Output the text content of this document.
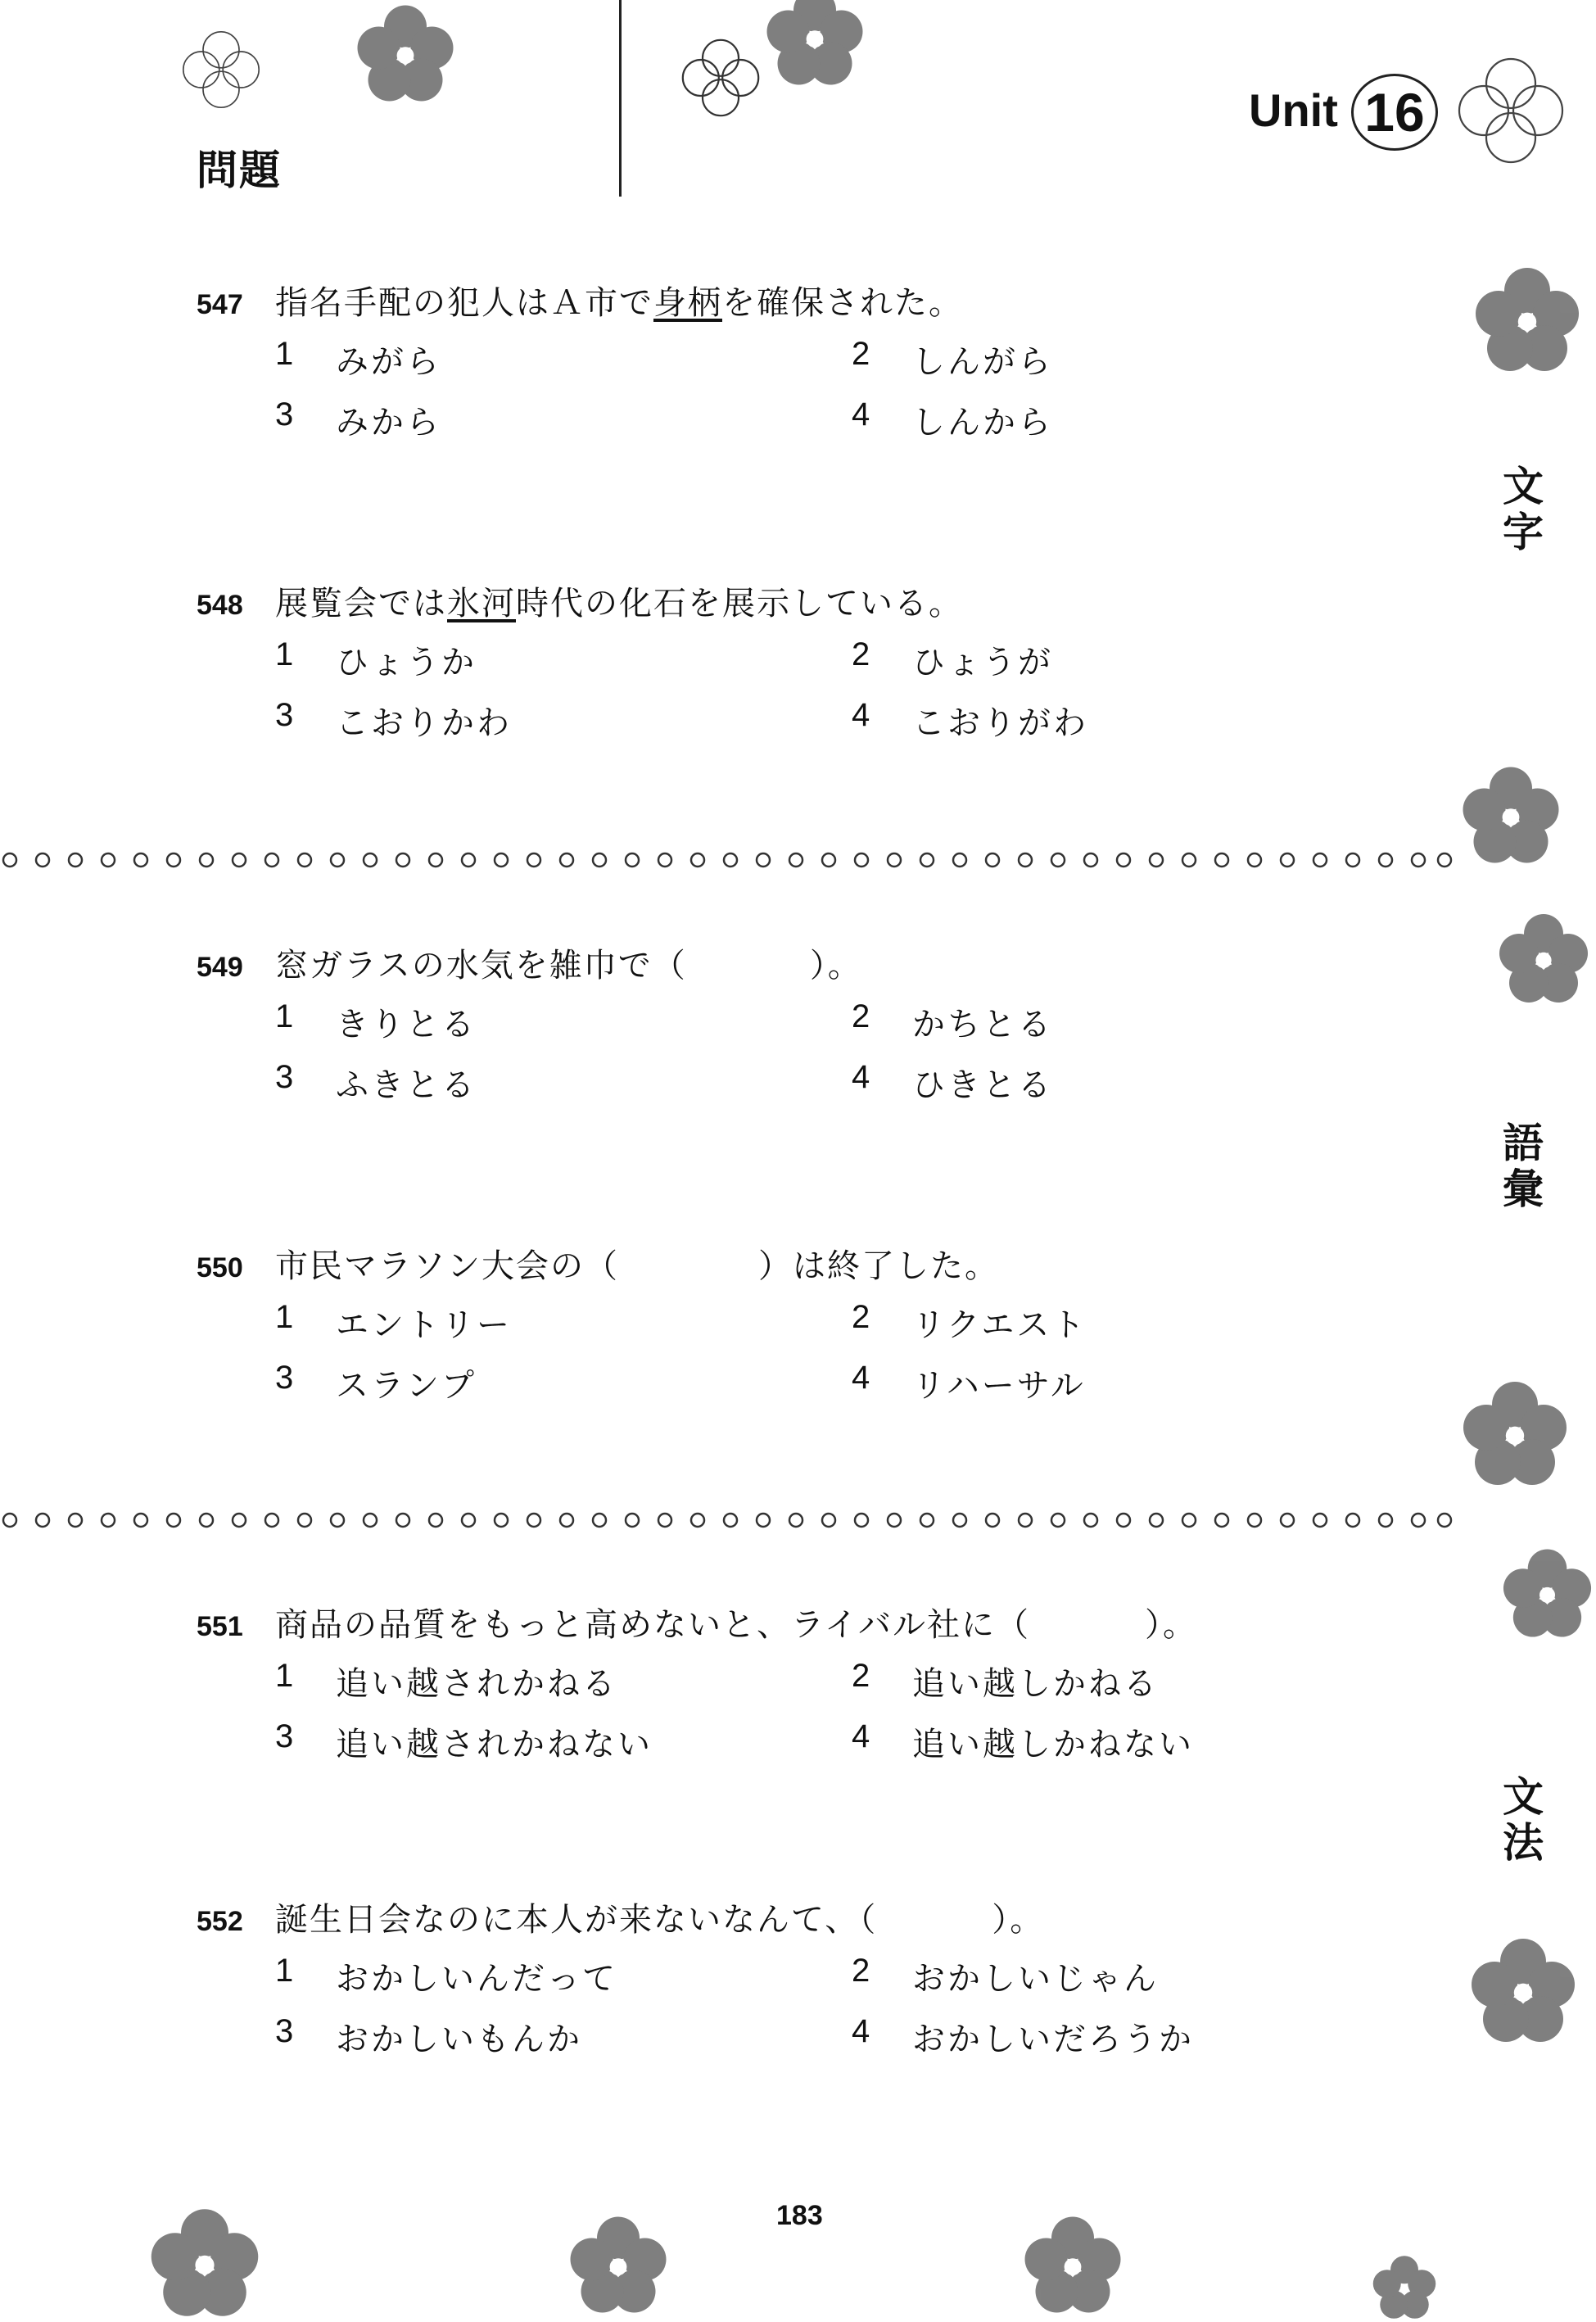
問題
Unit 16
文
字
語
彙
文
法
547 指名手配の犯人はＡ市で身柄を確保された。
1	みがら	2	しんがら
3	みから	4	しんから
548 展覧会では氷河時代の化石を展示している。
1	ひょうか	2	ひょうが
3	こおりかわ	4	こおりがわ
549 窓ガラスの水気を雑巾で（	）。
1	きりとる	2	かちとる
3	ふきとる	4	ひきとる
550 市民マラソン大会の（	）は終了した。
1	エントリー	2	リクエスト
3	スランプ	4	リハーサル
551 商品の品質をもっと高めないと、ライバル社に（	）。
1	追い越されかねる	2	追い越しかねる
3	追い越されかねない	4	追い越しかねない
552 誕生日会なのに本人が来ないなんて、（	）。
1	おかしいんだって	2	おかしいじゃん
3	おかしいもんか	4	おかしいだろうか
183
